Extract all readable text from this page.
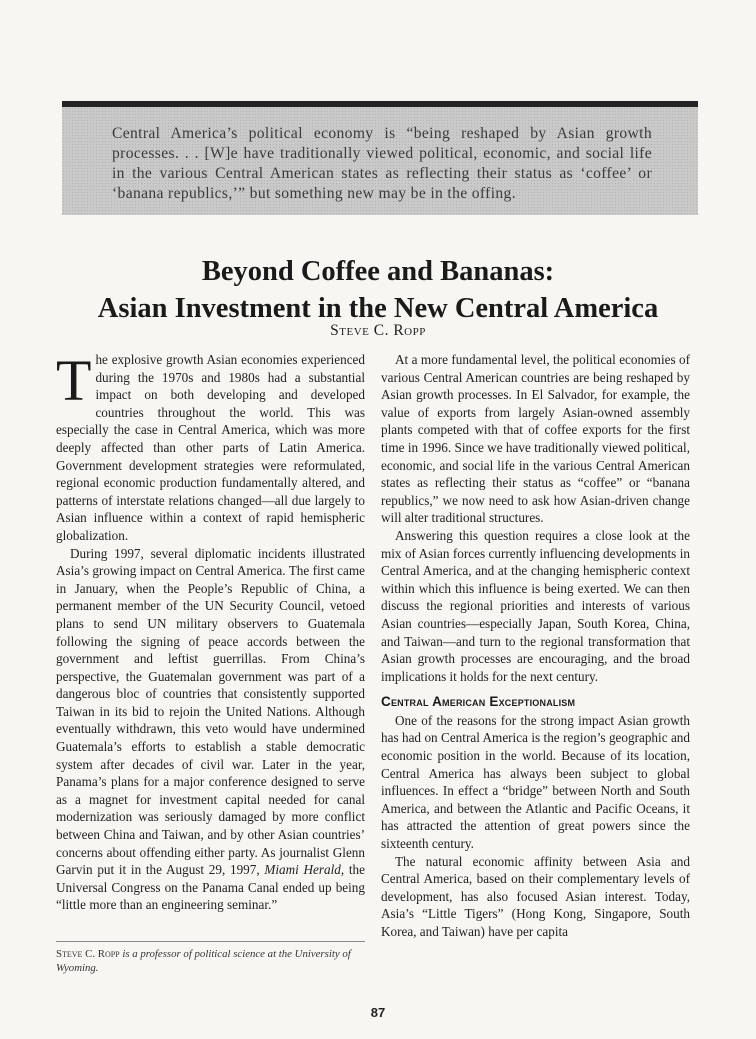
Central America’s political economy is “being reshaped by Asian growth processes. . . [W]e have traditionally viewed political, economic, and social life in the various Central American states as reflecting their status as ‘coffee’ or ‘banana republics,’” but something new may be in the offing.

Beyond Coffee and Bananas:
Asian Investment in the New Central America
Steve C. Ropp

The explosive growth Asian economies experienced during the 1970s and 1980s had a substantial impact on both developing and developed countries throughout the world. This was especially the case in Central America, which was more deeply affected than other parts of Latin America. Government development strategies were reformulated, regional economic production fundamentally altered, and patterns of interstate relations changed—all due largely to Asian influence within a context of rapid hemispheric globalization.

During 1997, several diplomatic incidents illustrated Asia’s growing impact on Central America. The first came in January, when the People’s Republic of China, a permanent member of the UN Security Council, vetoed plans to send UN military observers to Guatemala following the signing of peace accords between the government and leftist guerrillas. From China’s perspective, the Guatemalan government was part of a dangerous bloc of countries that consistently supported Taiwan in its bid to rejoin the United Nations. Although eventually withdrawn, this veto would have undermined Guatemala’s efforts to establish a stable democratic system after decades of civil war. Later in the year, Panama’s plans for a major conference designed to serve as a magnet for investment capital needed for canal modernization was seriously damaged by more conflict between China and Taiwan, and by other Asian countries’ concerns about offending either party. As journalist Glenn Garvin put it in the August 29, 1997, Miami Herald, the Universal Congress on the Panama Canal ended up being “little more than an engineering seminar.”

At a more fundamental level, the political economies of various Central American countries are being reshaped by Asian growth processes. In El Salvador, for example, the value of exports from largely Asian-owned assembly plants competed with that of coffee exports for the first time in 1996. Since we have traditionally viewed political, economic, and social life in the various Central American states as reflecting their status as “coffee” or “banana republics,” we now need to ask how Asian-driven change will alter traditional structures.

Answering this question requires a close look at the mix of Asian forces currently influencing developments in Central America, and at the changing hemispheric context within which this influence is being exerted. We can then discuss the regional priorities and interests of various Asian countries—especially Japan, South Korea, China, and Taiwan—and turn to the regional transformation that Asian growth processes are encouraging, and the broad implications it holds for the next century.

Central American Exceptionalism

One of the reasons for the strong impact Asian growth has had on Central America is the region’s geographic and economic position in the world. Because of its location, Central America has always been subject to global influences. In effect a “bridge” between North and South America, and between the Atlantic and Pacific Oceans, it has attracted the attention of great powers since the sixteenth century.

The natural economic affinity between Asia and Central America, based on their complementary levels of development, has also focused Asian interest. Today, Asia’s “Little Tigers” (Hong Kong, Singapore, South Korea, and Taiwan) have per capita

Steve C. Ropp is a professor of political science at the University of Wyoming.

87
